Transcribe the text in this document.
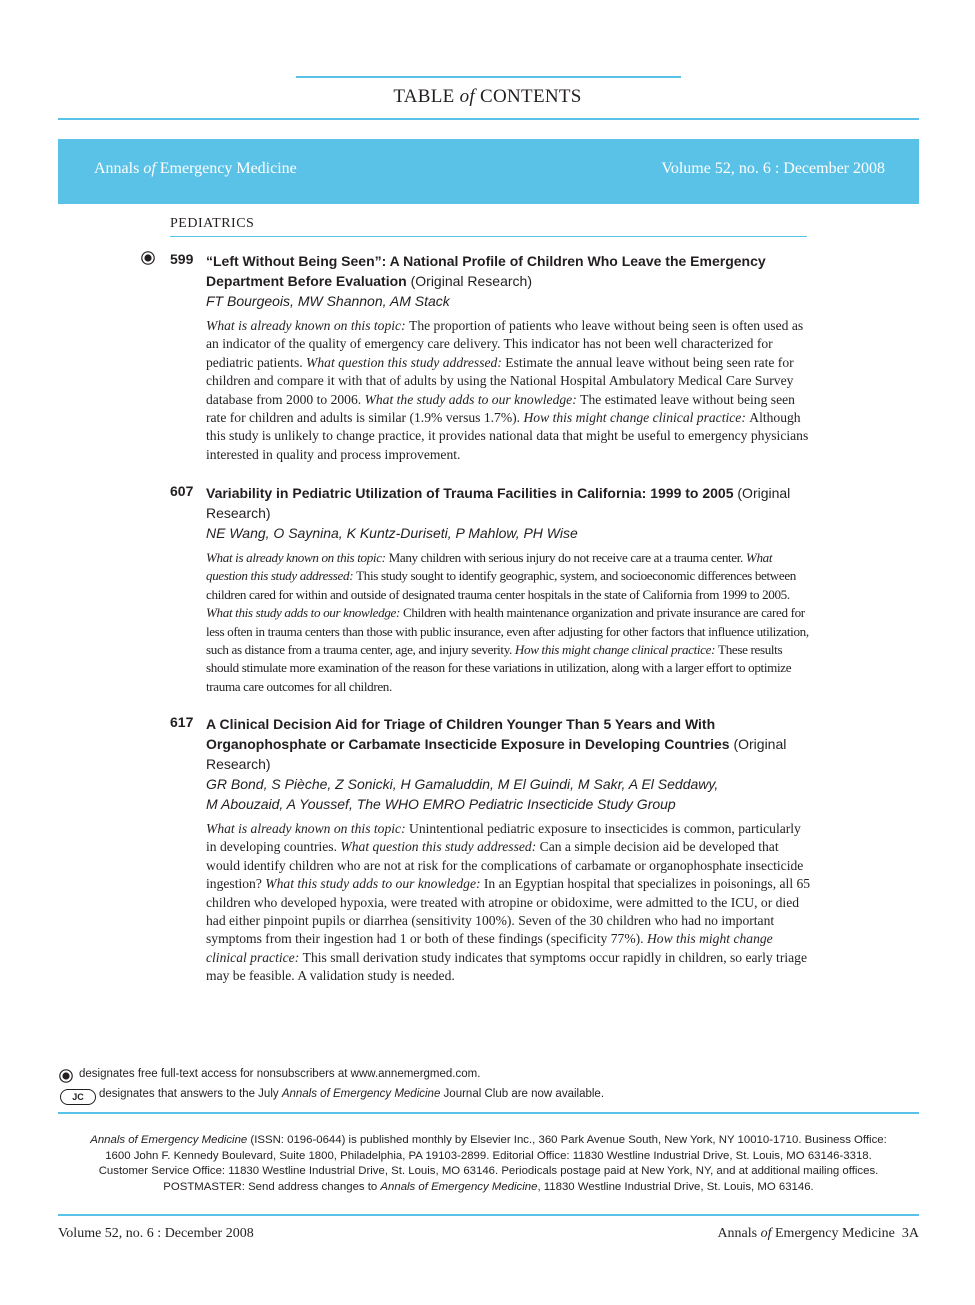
TABLE of CONTENTS
Annals of Emergency Medicine	Volume 52, no. 6 : December 2008
PEDIATRICS
599 “Left Without Being Seen”: A National Profile of Children Who Leave the Emergency Department Before Evaluation (Original Research)
FT Bourgeois, MW Shannon, AM Stack
What is already known on this topic: The proportion of patients who leave without being seen is often used as an indicator of the quality of emergency care delivery. This indicator has not been well characterized for pediatric patients. What question this study addressed: Estimate the annual leave without being seen rate for children and compare it with that of adults by using the National Hospital Ambulatory Medical Care Survey database from 2000 to 2006. What the study adds to our knowledge: The estimated leave without being seen rate for children and adults is similar (1.9% versus 1.7%). How this might change clinical practice: Although this study is unlikely to change practice, it provides national data that might be useful to emergency physicians interested in quality and process improvement.
607 Variability in Pediatric Utilization of Trauma Facilities in California: 1999 to 2005 (Original Research)
NE Wang, O Saynina, K Kuntz-Duriseti, P Mahlow, PH Wise
What is already known on this topic: Many children with serious injury do not receive care at a trauma center. What question this study addressed: This study sought to identify geographic, system, and socioeconomic differences between children cared for within and outside of designated trauma center hospitals in the state of California from 1999 to 2005. What this study adds to our knowledge: Children with health maintenance organization and private insurance are cared for less often in trauma centers than those with public insurance, even after adjusting for other factors that influence utilization, such as distance from a trauma center, age, and injury severity. How this might change clinical practice: These results should stimulate more examination of the reason for these variations in utilization, along with a larger effort to optimize trauma care outcomes for all children.
617 A Clinical Decision Aid for Triage of Children Younger Than 5 Years and With Organophosphate or Carbamate Insecticide Exposure in Developing Countries (Original Research)
GR Bond, S Pièche, Z Sonicki, H Gamaluddin, M El Guindi, M Sakr, A El Seddawy,
M Abouzaid, A Youssef, The WHO EMRO Pediatric Insecticide Study Group
What is already known on this topic: Unintentional pediatric exposure to insecticides is common, particularly in developing countries. What question this study addressed: Can a simple decision aid be developed that would identify children who are not at risk for the complications of carbamate or organophosphate insecticide ingestion? What this study adds to our knowledge: In an Egyptian hospital that specializes in poisonings, all 65 children who developed hypoxia, were treated with atropine or obidoxime, were admitted to the ICU, or died had either pinpoint pupils or diarrhea (sensitivity 100%). Seven of the 30 children who had no important symptoms from their ingestion had 1 or both of these findings (specificity 77%). How this might change clinical practice: This small derivation study indicates that symptoms occur rapidly in children, so early triage may be feasible. A validation study is needed.
designates free full-text access for nonsubscribers at www.annemergmed.com.
JC	designates that answers to the July Annals of Emergency Medicine Journal Club are now available.
Annals of Emergency Medicine (ISSN: 0196-0644) is published monthly by Elsevier Inc., 360 Park Avenue South, New York, NY 10010-1710. Business Office:
1600 John F. Kennedy Boulevard, Suite 1800, Philadelphia, PA 19103-2899. Editorial Office: 11830 Westline Industrial Drive, St. Louis, MO 63146-3318.
Customer Service Office: 11830 Westline Industrial Drive, St. Louis, MO 63146. Periodicals postage paid at New York, NY, and at additional mailing offices.
POSTMASTER: Send address changes to Annals of Emergency Medicine, 11830 Westline Industrial Drive, St. Louis, MO 63146.
Volume 52, no. 6 : December 2008	Annals of Emergency Medicine 3A
